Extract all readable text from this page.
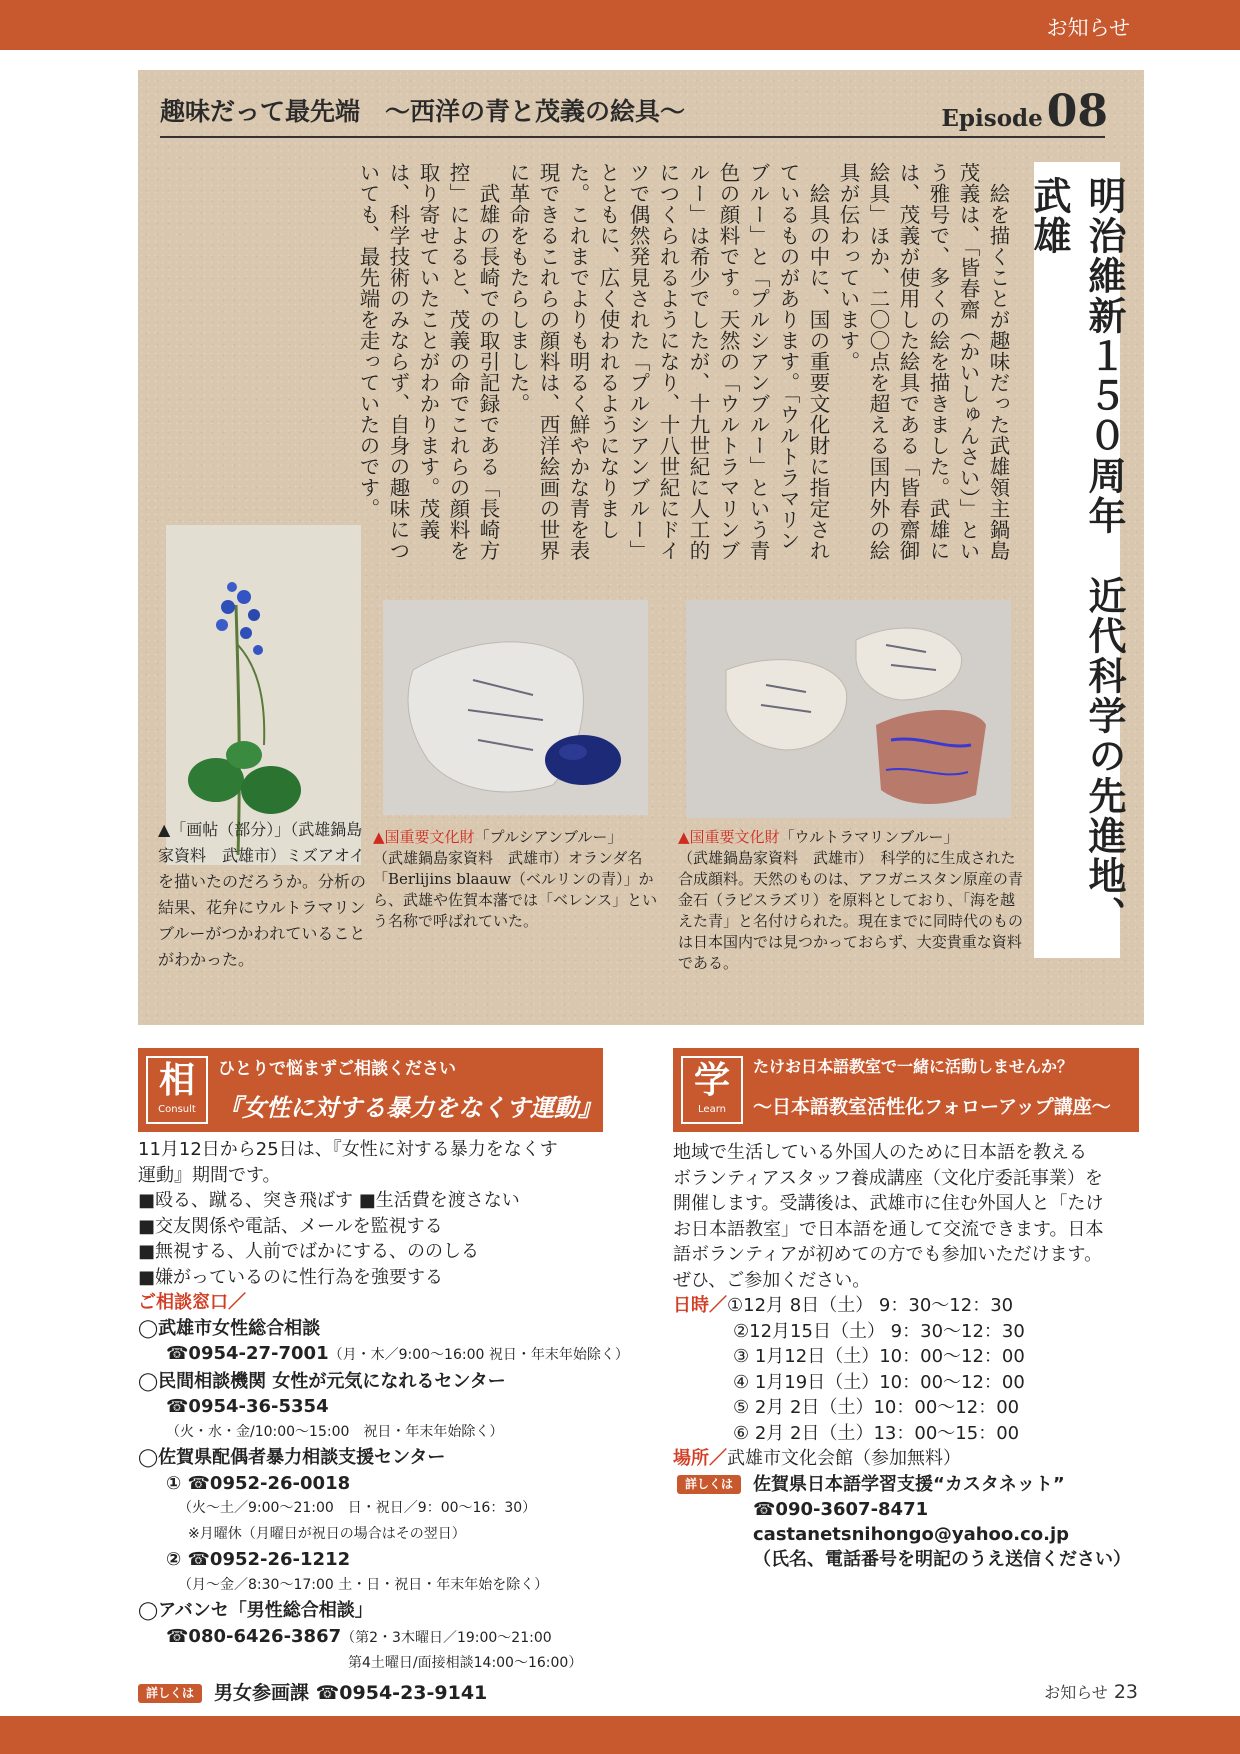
お知らせ
趣味だって最先端　～西洋の青と茂義の絵具～	Episode08
明治維新１５０周年　近代科学の先進地、武雄

絵を描くことが趣味だった武雄領主鍋島茂義は、「皆春齋（かいしゅんさい）」という雅号で、多くの絵を描きました。武雄には、茂義が使用した絵具である「皆春齋御絵具」ほか、二〇〇点を超える国内外の絵具が伝わっています。

絵具の中に、国の重要文化財に指定されているものがあります。「ウルトラマリンブルー」と「プルシアンブルー」という青色の顔料です。天然の「ウルトラマリンブルー」は希少でしたが、十九世紀に人工的につくられるようになり、十八世紀にドイツで偶然発見された「プルシアンブルー」とともに、広く使われるようになりました。これまでよりも明るく鮮やかな青を表現できるこれらの顔料は、西洋絵画の世界に革命をもたらしました。

武雄の長崎での取引記録である「長崎方控」によると、茂義の命でこれらの顔料を取り寄せていたことがわかります。茂義は、科学技術のみならず、自身の趣味についても、最先端を走っていたのです。

▲「画帖（部分）」（武雄鍋島家資料　武雄市）ミズアオイを描いたのだろうか。分析の結果、花弁にウルトラマリンブルーがつかわれていることがわかった。
▲国重要文化財「プルシアンブルー」
（武雄鍋島家資料　武雄市）オランダ名「Berlijins blaauw（ベルリンの青）」から、武雄や佐賀本藩では「ベレンス」という名称で呼ばれていた。
▲国重要文化財「ウルトラマリンブルー」
（武雄鍋島家資料　武雄市）　科学的に生成された合成顔料。天然のものは、アフガニスタン原産の青金石（ラピスラズリ）を原料としており、「海を越えた青」と名付けられた。現在までに同時代のものは日本国内では見つかっておらず、大変貴重な資料である。
相
Consult
ひとりで悩まずご相談ください
『女性に対する暴力をなくす運動』
11月12日から25日は、『女性に対する暴力をなくす
運動』期間です。
■殴る、蹴る、突き飛ばす ■生活費を渡さない
■交友関係や電話、メールを監視する
■無視する、人前でばかにする、ののしる
■嫌がっているのに性行為を強要する
ご相談窓口／
◯武雄市女性総合相談
☎0954-27-7001（月・木／9:00～16:00 祝日・年末年始除く）
◯民間相談機関 女性が元気になれるセンター
☎0954-36-5354
（火・水・金/10:00～15:00　祝日・年末年始除く）
◯佐賀県配偶者暴力相談支援センター
① ☎0952-26-0018
（火～土／9:00～21:00　日・祝日／9：00～16：30）
※月曜休（月曜日が祝日の場合はその翌日）
② ☎0952-26-1212
（月～金／8:30～17:00 土・日・祝日・年末年始を除く）
◯アバンセ「男性総合相談」
☎080-6426-3867（第2・3木曜日／19:00～21:00
第4土曜日/面接相談14:00～16:00）
詳しくは 男女参画課 ☎0954-23-9141
学
Learn
たけお日本語教室で一緒に活動しませんか？
～日本語教室活性化フォローアップ講座～
地域で生活している外国人のために日本語を教える
ボランティアスタッフ養成講座（文化庁委託事業）を
開催します。受講後は、武雄市に住む外国人と「たけ
お日本語教室」で日本語を通して交流できます。日本
語ボランティアが初めての方でも参加いただけます。
ぜひ、ご参加ください。
日時／①12月 8日（土） 9：30～12：30
②12月15日（土） 9：30～12：30
③ 1月12日（土）10：00～12：00
④ 1月19日（土）10：00～12：00
⑤ 2月 2日（土）10：00～12：00
⑥ 2月 2日（土）13：00～15：00
場所／武雄市文化会館（参加無料）
詳しくは	佐賀県日本語学習支援“カスタネット”
☎090-3607-8471
castanetsnihongo@yahoo.co.jp
（氏名、電話番号を明記のうえ送信ください）
お知らせ 23
